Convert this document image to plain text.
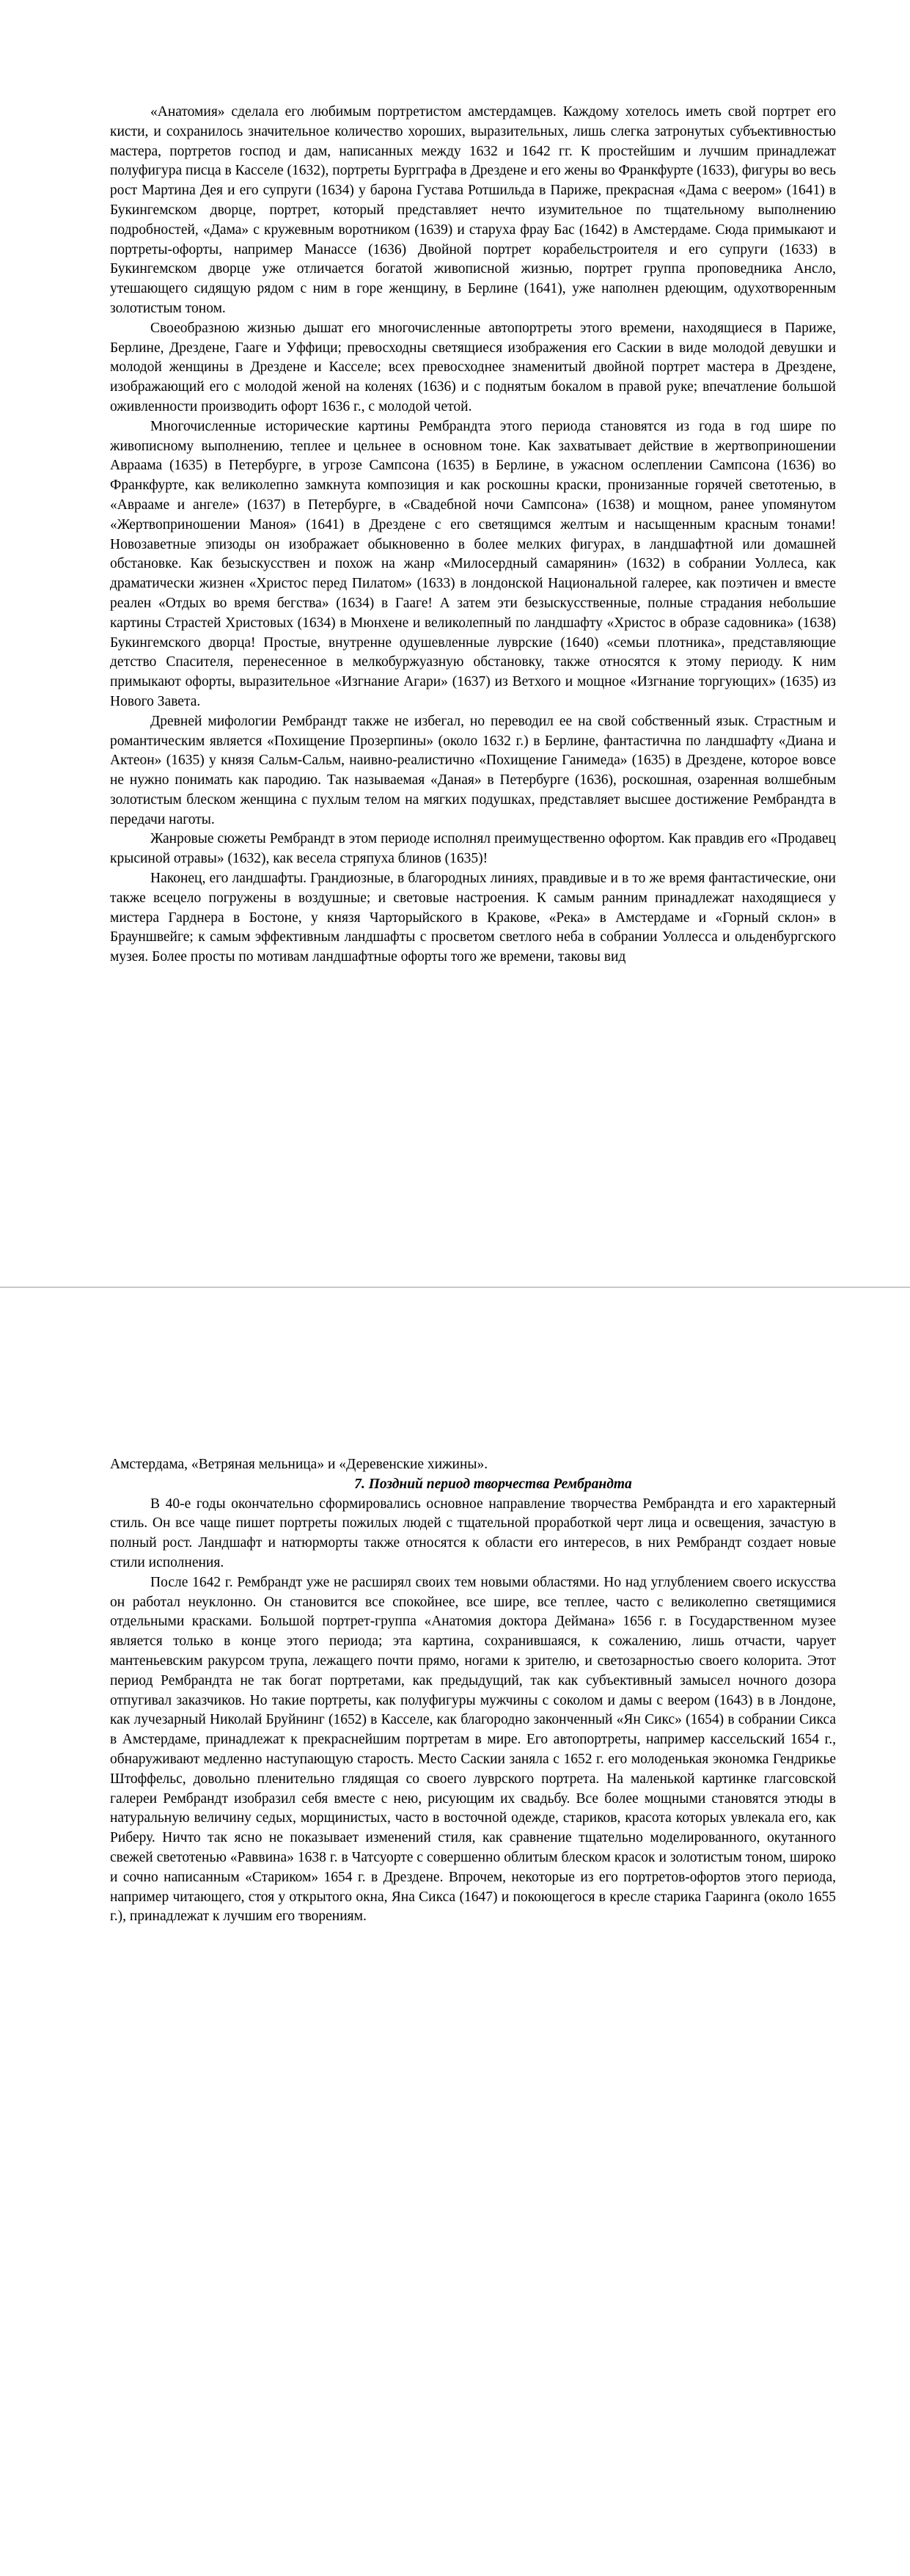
«Анатомия» сделала его любимым портретистом амстердамцев. Каждому хотелось иметь свой портрет его кисти, и сохранилось значительное количество хороших, выразительных, лишь слегка затронутых субъективностью мастера, портретов господ и дам, написанных между 1632 и 1642 гг. К простейшим и лучшим принадлежат полуфигура писца в Касселе (1632), портреты Бургграфа в Дрездене и его жены во Франкфурте (1633), фигуры во весь рост Мартина Дея и его супруги (1634) у барона Густава Ротшильда в Париже, прекрасная «Дама с веером» (1641) в Букингемском дворце, портрет, который представляет нечто изумительное по тщательному выполнению подробностей, «Дама» с кружевным воротником (1639) и старуха фрау Бас (1642) в Амстердаме. Сюда примыкают и портреты-офорты, например Манассе (1636) Двойной портрет корабельстроителя и его супруги (1633) в Букингемском дворце уже отличается богатой живописной жизнью, портрет группа проповедника Ансло, утешающего сидящую рядом с ним в горе женщину, в Берлине (1641), уже наполнен рдеющим, одухотворенным золотистым тоном.

Своеобразною жизнью дышат его многочисленные автопортреты этого времени, находящиеся в Париже, Берлине, Дрездене, Гааге и Уффици; превосходны светящиеся изображения его Саскии в виде молодой девушки и молодой женщины в Дрездене и Касселе; всех превосходнее знаменитый двойной портрет мастера в Дрездене, изображающий его с молодой женой на коленях (1636) и с поднятым бокалом в правой руке; впечатление большой оживленности производить офорт 1636 г., с молодой четой.

Многочисленные исторические картины Рембрандта этого периода становятся из года в год шире по живописному выполнению, теплее и цельнее в основном тоне. Как захватывает действие в жертвоприношении Авраама (1635) в Петербурге, в угрозе Сампсона (1635) в Берлине, в ужасном ослеплении Сампсона (1636) во Франкфурте, как великолепно замкнута композиция и как роскошны краски, пронизанные горячей светотенью, в «Аврааме и ангеле» (1637) в Петербурге, в «Свадебной ночи Сампсона» (1638) и мощном, ранее упомянутом «Жертвоприношении Маноя» (1641) в Дрездене с его светящимся желтым и насыщенным красным тонами! Новозаветные эпизоды он изображает обыкновенно в более мелких фигурах, в ландшафтной или домашней обстановке. Как безыскусствен и похож на жанр «Милосердный самарянин» (1632) в собрании Уоллеса, как драматически жизнен «Христос перед Пилатом» (1633) в лондонской Национальной галерее, как поэтичен и вместе реален «Отдых во время бегства» (1634) в Гааге! А затем эти безыскусственные, полные страдания небольшие картины Страстей Христовых (1634) в Мюнхене и великолепный по ландшафту «Христос в образе садовника» (1638) Букингемского дворца! Простые, внутренне одушевленные луврские (1640) «семьи плотника», представляющие детство Спасителя, перенесенное в мелкобуржуазную обстановку, также относятся к этому периоду. К ним примыкают офорты, выразительное «Изгнание Агари» (1637) из Ветхого и мощное «Изгнание торгующих» (1635) из Нового Завета.

Древней мифологии Рембрандт также не избегал, но переводил ее на свой собственный язык. Страстным и романтическим является «Похищение Прозерпины» (около 1632 г.) в Берлине, фантастична по ландшафту «Диана и Актеон» (1635) у князя Сальм-Сальм, наивно-реалистично «Похищение Ганимеда» (1635) в Дрездене, которое вовсе не нужно понимать как пародию. Так называемая «Даная» в Петербурге (1636), роскошная, озаренная волшебным золотистым блеском женщина с пухлым телом на мягких подушках, представляет высшее достижение Рембрандта в передачи наготы.

Жанровые сюжеты Рембрандт в этом периоде исполнял преимущественно офортом. Как правдив его «Продавец крысиной отравы» (1632), как весела стряпуха блинов (1635)!

Наконец, его ландшафты. Грандиозные, в благородных линиях, правдивые и в то же время фантастические, они также всецело погружены в воздушные; и световые настроения. К самым ранним принадлежат находящиеся у мистера Гарднера в Бостоне, у князя Чарторыйского в Кракове, «Река» в Амстердаме и «Горный склон» в Брауншвейге; к самым эффективным ландшафты с просветом светлого неба в собрании Уоллесса и ольденбургского музея. Более просты по мотивам ландшафтные офорты того же времени, таковы вид

Амстердама, «Ветряная мельница» и «Деревенские хижины».

7. Поздний период творчества Рембрандта

В 40-е годы окончательно сформировались основное направление творчества Рембрандта и его характерный стиль. Он все чаще пишет портреты пожилых людей с тщательной проработкой черт лица и освещения, зачастую в полный рост. Ландшафт и натюрморты также относятся к области его интересов, в них Рембрандт создает новые стили исполнения.

После 1642 г. Рембрандт уже не расширял своих тем новыми областями. Но над углублением своего искусства он работал неуклонно. Он становится все спокойнее, все шире, все теплее, часто с великолепно светящимися отдельными красками. Большой портрет-группа «Анатомия доктора Деймана» 1656 г. в Государственном музее является только в конце этого периода; эта картина, сохранившаяся, к сожалению, лишь отчасти, чарует мантеньевским ракурсом трупа, лежащего почти прямо, ногами к зрителю, и светозарностью своего колорита. Этот период Рембрандта не так богат портретами, как предыдущий, так как субъективный замысел ночного дозора отпугивал заказчиков. Но такие портреты, как полуфигуры мужчины с соколом и дамы с веером (1643) в в Лондоне, как лучезарный Николай Бруйнинг (1652) в Касселе, как благородно законченный «Ян Сикс» (1654) в собрании Сикса в Амстердаме, принадлежат к прекраснейшим портретам в мире. Его автопортреты, например кассельский 1654 г., обнаруживают медленно наступающую старость. Место Саскии заняла с 1652 г. его молоденькая экономка Гендрикье Штоффельс, довольно пленительно глядящая со своего луврского портрета. На маленькой картинке глагсовской галереи Рембрандт изобразил себя вместе с нею, рисующим их свадьбу. Все более мощными становятся этюды в натуральную величину седых, морщинистых, часто в восточной одежде, стариков, красота которых увлекала его, как Риберу. Ничто так ясно не показывает изменений стиля, как сравнение тщательно моделированного, окутанного свежей светотенью «Раввина» 1638 г. в Чатсуорте с совершенно облитым блеском красок и золотистым тоном, широко и сочно написанным «Стариком» 1654 г. в Дрездене. Впрочем, некоторые из его портретов-офортов этого периода, например читающего, стоя у открытого окна, Яна Сикса (1647) и покоющегося в кресле старика Гааринга (около 1655 г.), принадлежат к лучшим его творениям.
